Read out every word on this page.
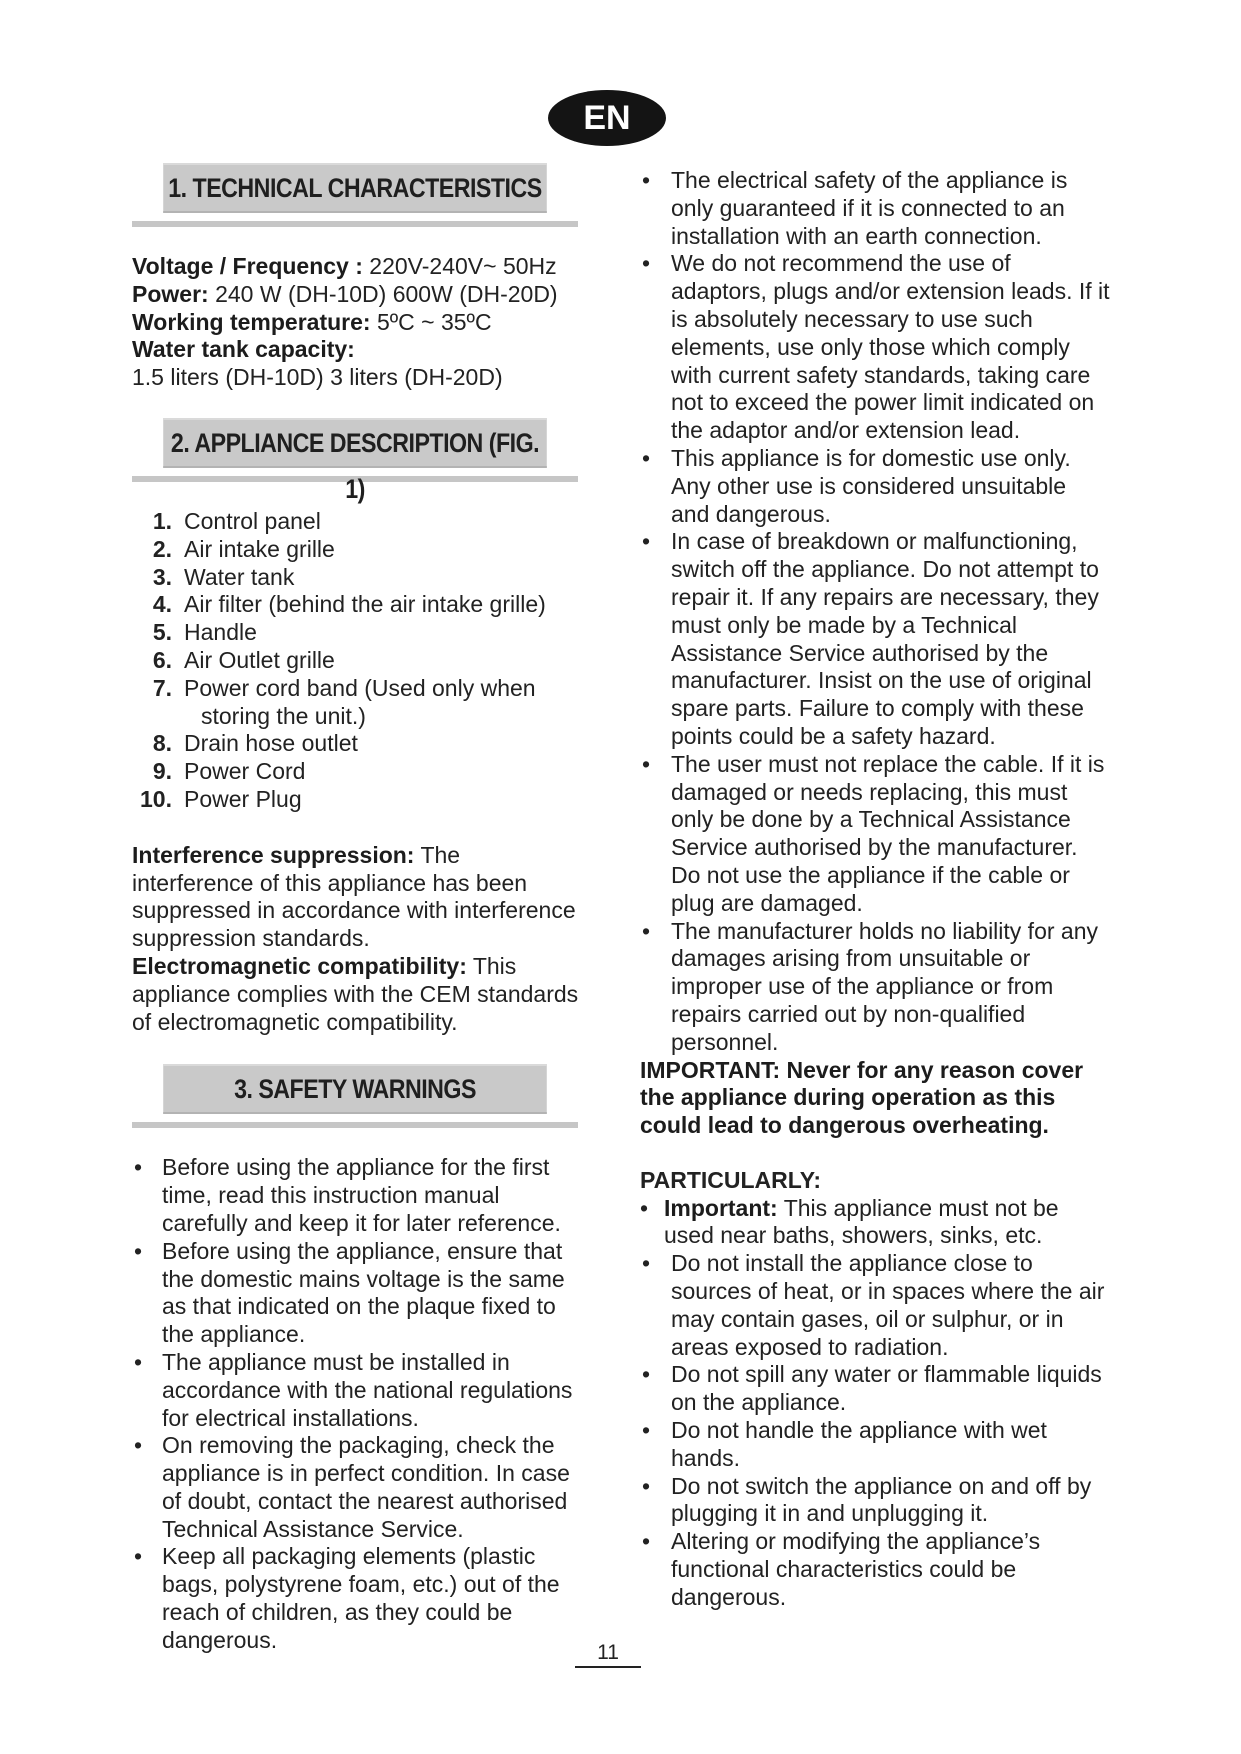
EN
1. TECHNICAL CHARACTERISTICS
Voltage / Frequency : 220V-240V~ 50Hz
Power: 240 W (DH-10D) 600W (DH-20D)
Working temperature: 5ºC ~ 35ºC
Water tank capacity:
1.5 liters (DH-10D) 3 liters (DH-20D)
2. APPLIANCE DESCRIPTION (FIG. 1)
1. Control panel
2. Air intake grille
3. Water tank
4. Air filter (behind the air intake grille)
5. Handle
6. Air Outlet grille
7. Power cord band (Used only when
storing the unit.)
8. Drain hose outlet
9. Power Cord
10. Power Plug
Interference suppression: The interference of this appliance has been suppressed in accordance with interference suppression standards.
Electromagnetic compatibility: This appliance complies with the CEM standards of electromagnetic compatibility.
3. SAFETY WARNINGS
• Before using the appliance for the first time, read this instruction manual carefully and keep it for later reference.
• Before using the appliance, ensure that the domestic mains voltage is the same as that indicated on the plaque fixed to the appliance.
• The appliance must be installed in accordance with the national regulations for electrical installations.
• On removing the packaging, check the appliance is in perfect condition. In case of doubt, contact the nearest authorised Technical Assistance Service.
• Keep all packaging elements (plastic bags, polystyrene foam, etc.) out of the reach of children, as they could be dangerous.
• The electrical safety of the appliance is only guaranteed if it is connected to an installation with an earth connection.
• We do not recommend the use of adaptors, plugs and/or extension leads. If it is absolutely necessary to use such elements, use only those which comply with current safety standards, taking care not to exceed the power limit indicated on the adaptor and/or extension lead.
• This appliance is for domestic use only. Any other use is considered unsuitable and dangerous.
• In case of breakdown or malfunctioning, switch off the appliance. Do not attempt to repair it. If any repairs are necessary, they must only be made by a Technical Assistance Service authorised by the manufacturer. Insist on the use of original spare parts. Failure to comply with these points could be a safety hazard.
• The user must not replace the cable. If it is damaged or needs replacing, this must only be done by a Technical Assistance Service authorised by the manufacturer. Do not use the appliance if the cable or plug are damaged.
• The manufacturer holds no liability for any damages arising from unsuitable or improper use of the appliance or from repairs carried out by non-qualified personnel.
IMPORTANT: Never for any reason cover the appliance during operation as this could lead to dangerous overheating.
PARTICULARLY:
• Important: This appliance must not be used near baths, showers, sinks, etc.
• Do not install the appliance close to sources of heat, or in spaces where the air may contain gases, oil or sulphur, or in areas exposed to radiation.
• Do not spill any water or flammable liquids on the appliance.
• Do not handle the appliance with wet hands.
• Do not switch the appliance on and off by plugging it in and unplugging it.
• Altering or modifying the appliance’s functional characteristics could be dangerous.
11
